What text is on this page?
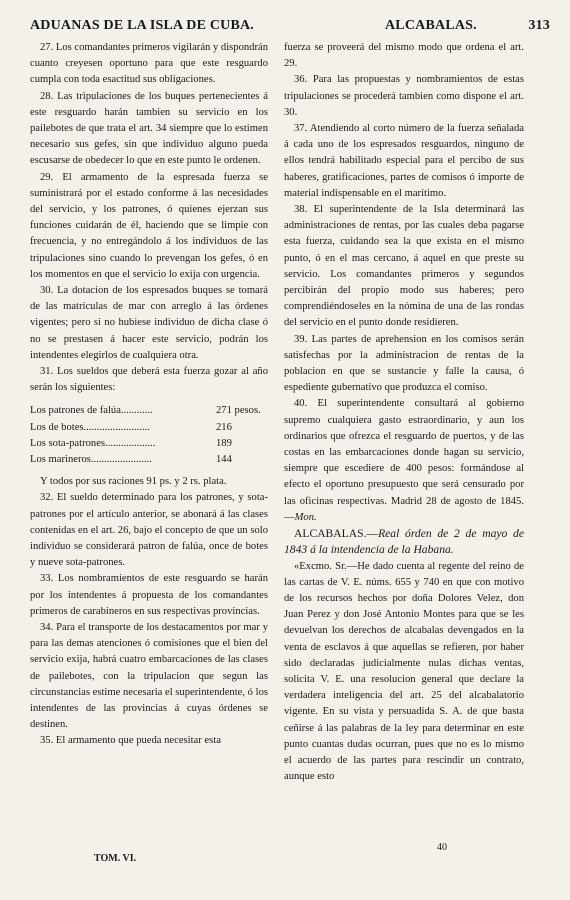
ADUANAS DE LA ISLA DE CUBA.	ALCABALAS.	313

27. Los comandantes primeros vigilarán y dispondrán cuanto creyesen oportuno para que este resguardo cumpla con toda esactitud sus obligaciones.

28. Las tripulaciones de los buques pertenecientes á este resguardo harán tambien su servicio en los pailebotes de que trata el art. 34 siempre que lo estimen necesario sus gefes, sin que individuo alguno pueda escusarse de obedecer lo que en este punto le ordenen.

29. El armamento de la espresada fuerza se suministrará por el estado conforme á las necesidades del servicio, y los patrones, ó quienes ejerzan sus funciones cuidarán de él, haciendo que se limpie con frecuencia, y no entregándolo á los individuos de las tripulaciones sino cuando lo prevengan los gefes, ó en los momentos en que el servicio lo exija con urgencia.

30. La dotacion de los espresados buques se tomará de las matrículas de mar con arreglo á las órdenes vigentes; pero si no hubiese individuo de dicha clase ó no se prestasen á hacer este servicio, podrán los intendentes elegirlos de cualquiera otra.

31. Los sueldos que deberá esta fuerza gozar al año serán los siguientes:

Los patrones de falúa............	271 pesos.
Los de botes.........................	216
Los sota-patrones...................	189
Los marineros.......................	144

Y todos por sus raciones 91 ps. y 2 rs. plata.

32. El sueldo determinado para los patrones, y sota-patrones por el artículo anterior, se abonará á las clases contenidas en el art. 26, bajo el concepto de que un solo individuo se considerará patron de falúa, once de botes y nueve sota-patrones.

33. Los nombramientos de este resguardo se harán por los intendentes á propuesta de los comandantes primeros de carabineros en sus respectivas provincias.

34. Para el transporte de los destacamentos por mar y para las demas atenciones ó comisiones que el bien del servicio exija, habrá cuatro embarcaciones de las clases de pailebotes, con la tripulacion que segun las circunstancias estime necesaria el superintendente, ó los intendentes de las provincias á cuyas órdenes se destinen.

35. El armamento que pueda necesitar esta

fuerza se proveerá del mismo modo que ordena el art. 29.

36. Para las propuestas y nombramientos de estas tripulaciones se procederá tambien como dispone el art. 30.

37. Atendiendo al corto número de la fuerza señalada á cada uno de los espresados resguardos, ninguno de ellos tendrá habilitado especial para el percibo de sus haberes, gratificaciones, partes de comisos ó importe de material indispensable en el marítimo.

38. El superintendente de la Isla determinará las administraciones de rentas, por las cuales deba pagarse esta fuerza, cuidando sea la que exista en el mismo punto, ó en el mas cercano, á aquel en que preste su servicio. Los comandantes primeros y segundos percibirán del propio modo sus haberes; pero comprendiéndoseles en la nómina de una de las rondas del servicio en el punto donde residieren.

39. Las partes de aprehension en los comisos serán satisfechas por la administracion de rentas de la poblacion en que se sustancie y falle la causa, ó espediente gubernativo que produzca el comiso.

40. El superintendente consultará al gobierno supremo cualquiera gasto estraordinario, y aun los ordinarios que ofrezca el resguardo de puertos, y de las costas en las embarcaciones donde hagan su servicio, siempre que escediere de 400 pesos: formándose al efecto el oportuno presupuesto que será censurado por las oficinas respectivas. Madrid 28 de agosto de 1845.—Mon.

ALCABALAS.—Real órden de 2 de mayo de 1843 á la intendencia de la Habana.

«Excmo. Sr.—He dado cuenta al regente del reino de las cartas de V. E. núms. 655 y 740 en que con motivo de los recursos hechos por doña Dolores Velez, don Juan Perez y don José Antonio Montes para que se les devuelvan los derechos de alcabalas devengados en la venta de esclavos á que aquellas se refieren, por haber sido declaradas judicialmente nulas dichas ventas, solicita V. E. una resolucion general que declare la verdadera inteligencia del art. 25 del alcabalatorio vigente. En su vista y persuadida S. A. de que basta ceñirse á las palabras de la ley para determinar en este punto cuantas dudas ocurran, pues que no es lo mismo el acuerdo de las partes para rescindir un contrato, aunque esto

TOM. VI.
40
